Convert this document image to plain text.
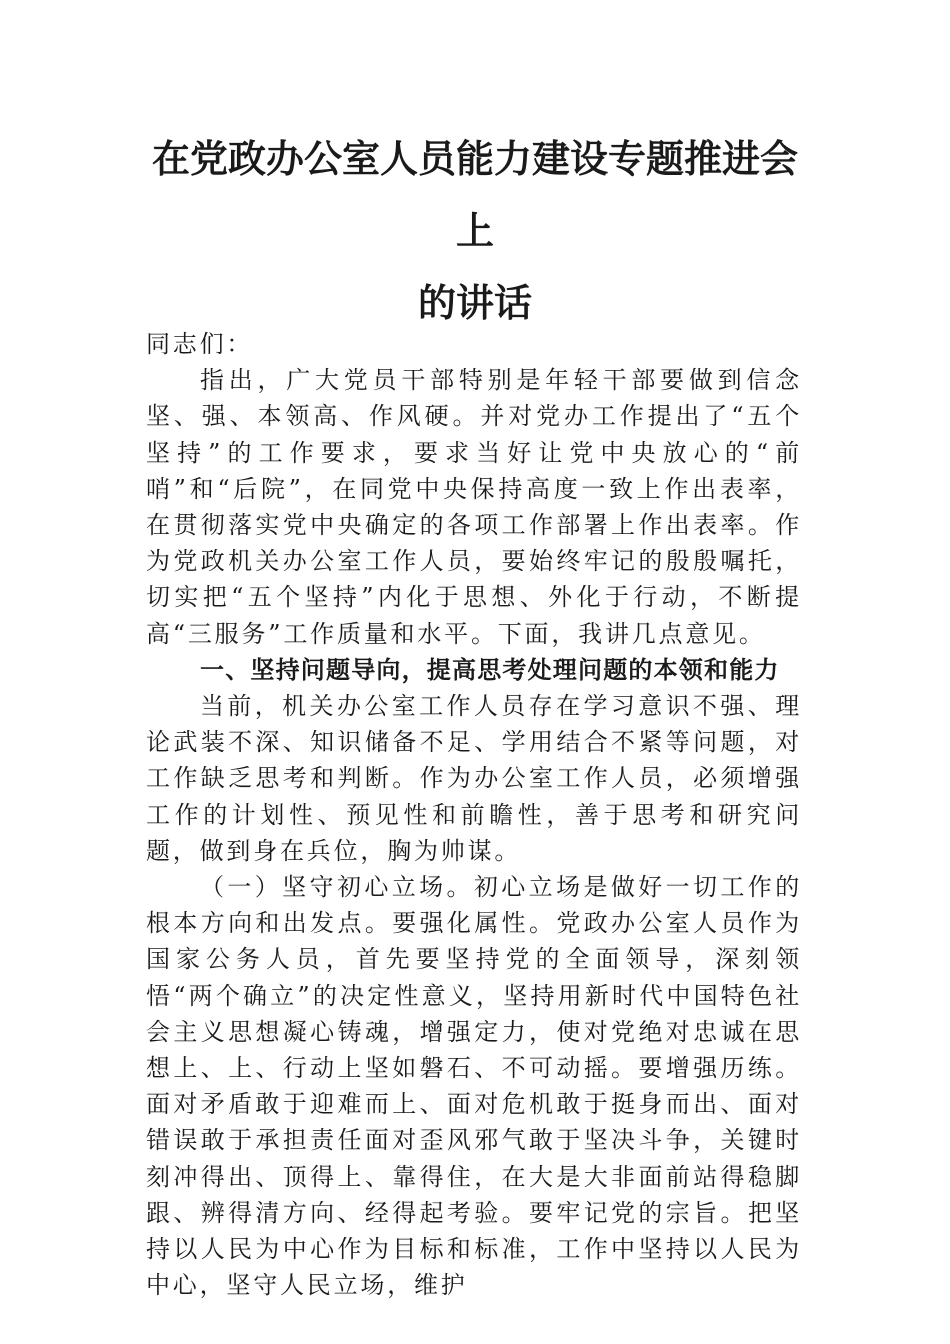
在党政办公室人员能力建设专题推进会上
的讲话

同志们：

指出，广大党员干部特别是年轻干部要做到信念坚、强、本领高、作风硬。并对党办工作提出了“五个坚持”的工作要求，要求当好让党中央放心的“前哨”和“后院”，在同党中央保持高度一致上作出表率，在贯彻落实党中央确定的各项工作部署上作出表率。作为党政机关办公室工作人员，要始终牢记的殷殷嘱托，切实把“五个坚持”内化于思想、外化于行动，不断提高“三服务”工作质量和水平。下面，我讲几点意见。

一、坚持问题导向，提高思考处理问题的本领和能力

当前，机关办公室工作人员存在学习意识不强、理论武装不深、知识储备不足、学用结合不紧等问题，对工作缺乏思考和判断。作为办公室工作人员，必须增强工作的计划性、预见性和前瞻性，善于思考和研究问题，做到身在兵位，胸为帅谋。

（一）坚守初心立场。初心立场是做好一切工作的根本方向和出发点。要强化属性。党政办公室人员作为国家公务人员，首先要坚持党的全面领导，深刻领悟“两个确立”的决定性意义，坚持用新时代中国特色社会主义思想凝心铸魂，增强定力，使对党绝对忠诚在思想上、上、行动上坚如磐石、不可动摇。要增强历练。面对矛盾敢于迎难而上、面对危机敢于挺身而出、面对错误敢于承担责任面对歪风邪气敢于坚决斗争，关键时刻冲得出、顶得上、靠得住，在大是大非面前站得稳脚跟、辨得清方向、经得起考验。要牢记党的宗旨。把坚持以人民为中心作为目标和标准，工作中坚持以人民为中心，坚守人民立场，维护
